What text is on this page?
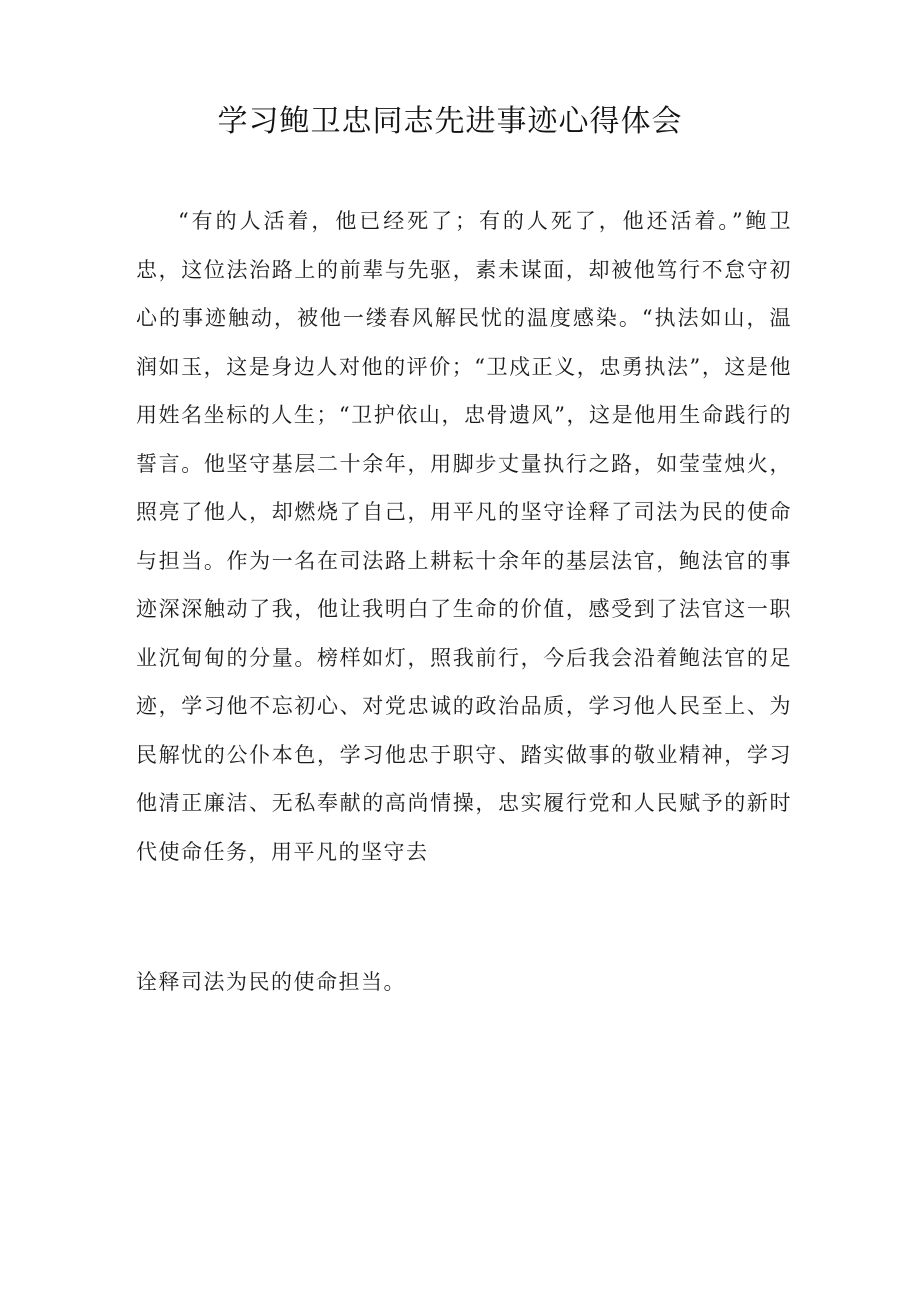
学习鲍卫忠同志先进事迹心得体会

“有的人活着，他已经死了；有的人死了，他还活着。”鲍卫忠，这位法治路上的前辈与先驱，素未谋面，却被他笃行不怠守初心的事迹触动，被他一缕春风解民忧的温度感染。“执法如山，温润如玉，这是身边人对他的评价；“卫戍正义，忠勇执法”，这是他用姓名坐标的人生；“卫护依山，忠骨遗风”，这是他用生命践行的誓言。他坚守基层二十余年，用脚步丈量执行之路，如莹莹烛火，照亮了他人，却燃烧了自己，用平凡的坚守诠释了司法为民的使命与担当。作为一名在司法路上耕耘十余年的基层法官，鲍法官的事迹深深触动了我，他让我明白了生命的价值，感受到了法官这一职业沉甸甸的分量。榜样如灯，照我前行，今后我会沿着鲍法官的足迹，学习他不忘初心、对党忠诚的政治品质，学习他人民至上、为民解忧的公仆本色，学习他忠于职守、踏实做事的敬业精神，学习他清正廉洁、无私奉献的高尚情操，忠实履行党和人民赋予的新时代使命任务，用平凡的坚守去

诠释司法为民的使命担当。
